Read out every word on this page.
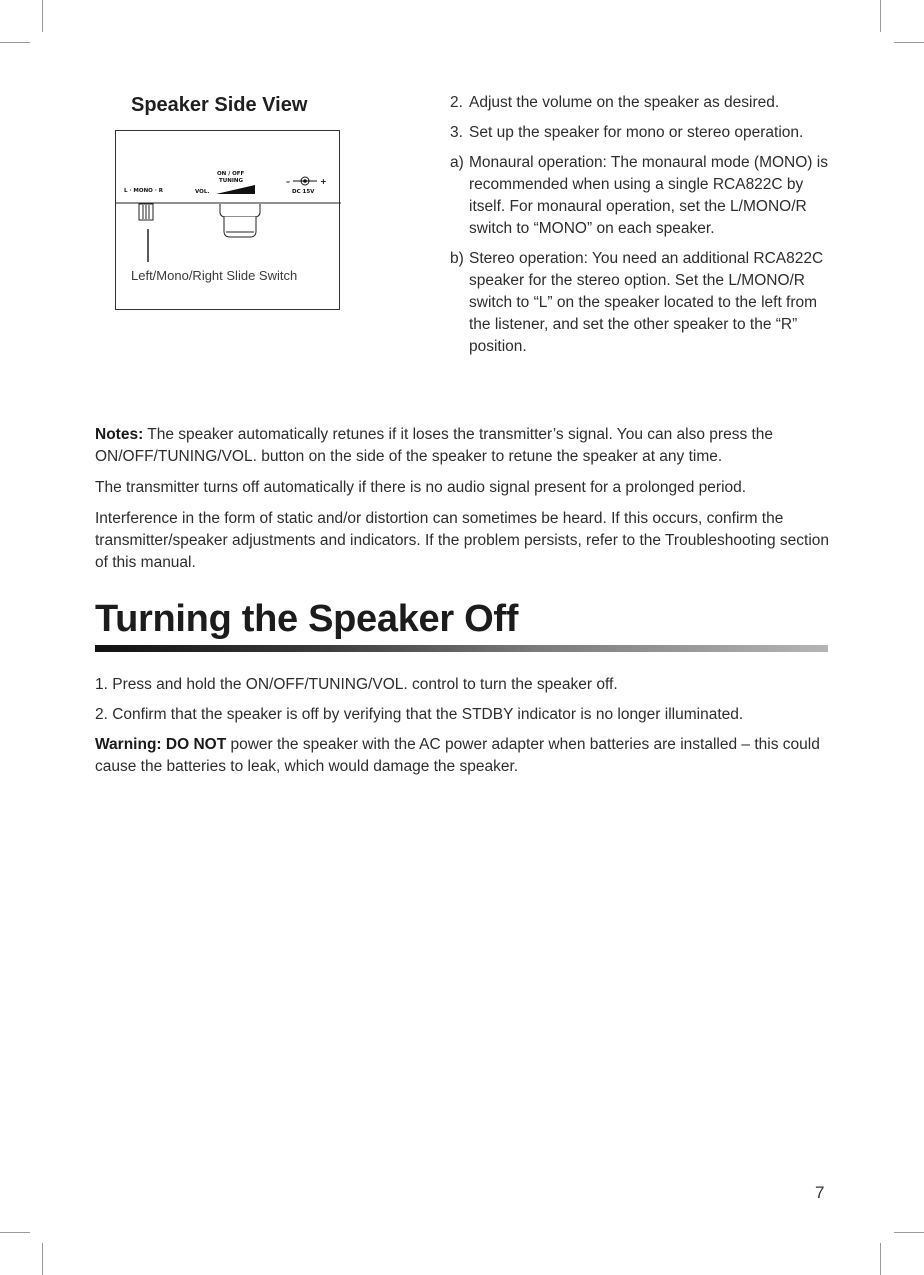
Speaker Side View
L · MONO · R	VOL.
ON / OFF
TUNING	–	+
DC 15V
Left/Mono/Right Slide Switch
2. Adjust the volume on the speaker as desired.
3. Set up the speaker for mono or stereo operation.
a) Monaural operation: The monaural mode (MONO) is recommended when using a single RCA822C by itself. For monaural operation, set the L/MONO/R switch to “MONO” on each speaker.
b) Stereo operation: You need an additional RCA822C speaker for the stereo option. Set the L/MONO/R switch to “L” on the speaker located to the left from the listener, and set the other speaker to the “R” position.

Notes: The speaker automatically retunes if it loses the transmitter’s signal. You can also press the ON/OFF/TUNING/VOL. button on the side of the speaker to retune the speaker at any time.

The transmitter turns off automatically if there is no audio signal present for a prolonged period.

Interference in the form of static and/or distortion can sometimes be heard. If this occurs, confirm the transmitter/speaker adjustments and indicators. If the problem persists, refer to the Troubleshooting section of this manual.

Turning the Speaker Off

1. Press and hold the ON/OFF/TUNING/VOL. control to turn the speaker off.

2. Confirm that the speaker is off by verifying that the STDBY indicator is no longer illuminated.

Warning: DO NOT power the speaker with the AC power adapter when batteries are installed – this could cause the batteries to leak, which would damage the speaker.

7
